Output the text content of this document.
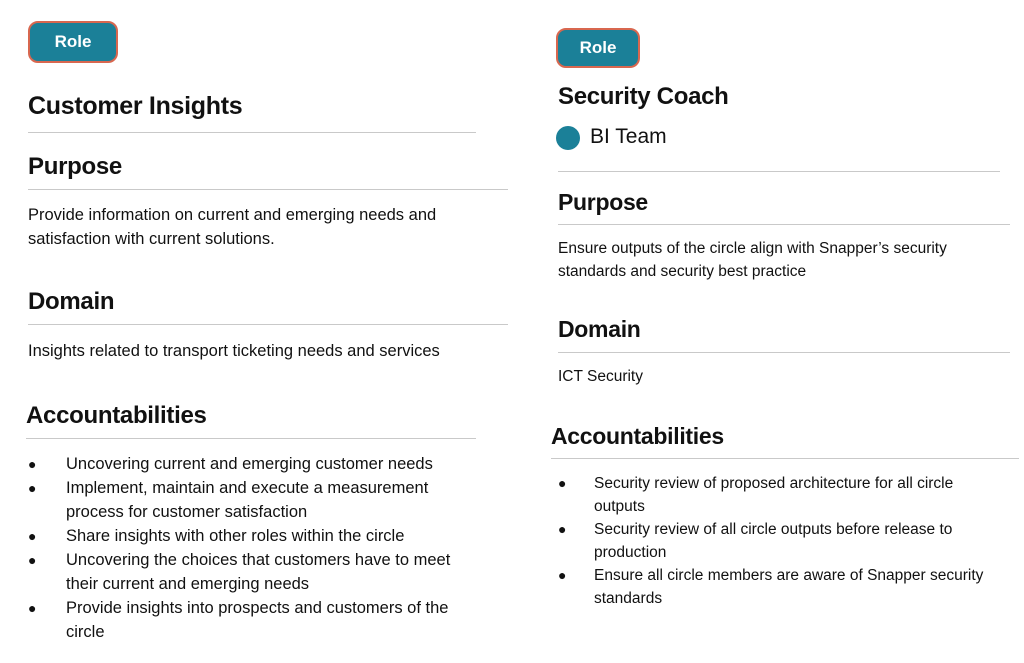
Role
Customer Insights
Purpose

Provide information on current and emerging needs and satisfaction with current solutions.

Domain

Insights related to transport ticketing needs and services

Accountabilities
● Uncovering current and emerging customer needs
● Implement, maintain and execute a measurement process for customer satisfaction
● Share insights with other roles within the circle
● Uncovering the choices that customers have to meet their current and emerging needs
● Provide insights into prospects and customers of the circle
Role
Security Coach
BI Team
Purpose

Ensure outputs of the circle align with Snapper’s security standards and security best practice

Domain

ICT Security

Accountabilities
● Security review of proposed architecture for all circle outputs
● Security review of all circle outputs before release to production
● Ensure all circle members are aware of Snapper security standards
